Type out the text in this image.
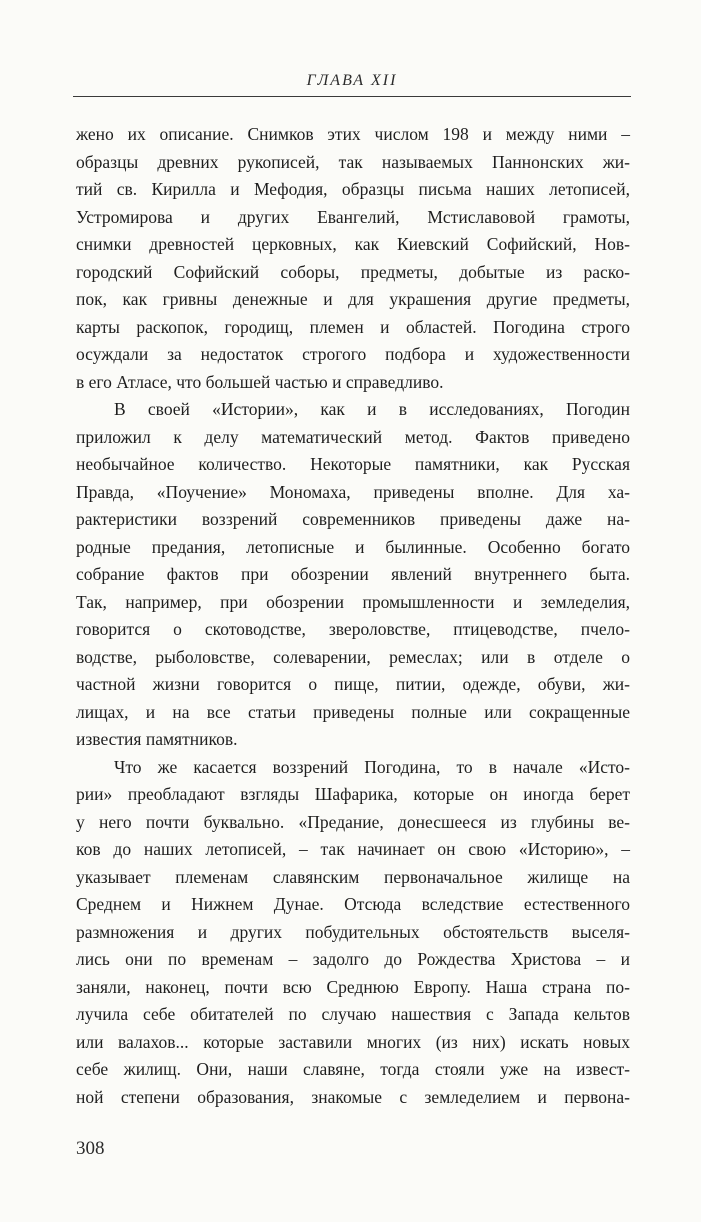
ГЛАВА XII
жено их описание. Снимков этих числом 198 и между ними –
образцы древних рукописей, так называемых Паннонских жи-
тий св. Кирилла и Мефодия, образцы письма наших летописей,
Устромирова и других Евангелий, Мстиславовой грамоты,
снимки древностей церковных, как Киевский Софийский, Нов-
городский Софийский соборы, предметы, добытые из раско-
пок, как гривны денежные и для украшения другие предметы,
карты раскопок, городищ, племен и областей. Погодина строго
осуждали за недостаток строгого подбора и художественности
в его Атласе, что большей частью и справедливо.
В своей «Истории», как и в исследованиях, Погодин
приложил к делу математический метод. Фактов приведено
необычайное количество. Некоторые памятники, как Русская
Правда, «Поучение» Мономаха, приведены вполне. Для ха-
рактеристики воззрений современников приведены даже на-
родные предания, летописные и былинные. Особенно богато
собрание фактов при обозрении явлений внутреннего быта.
Так, например, при обозрении промышленности и земледелия,
говорится о скотоводстве, звероловстве, птицеводстве, пчело-
водстве, рыболовстве, солеварении, ремеслах; или в отделе о
частной жизни говорится о пище, питии, одежде, обуви, жи-
лищах, и на все статьи приведены полные или сокращенные
известия памятников.
Что же касается воззрений Погодина, то в начале «Исто-
рии» преобладают взгляды Шафарика, которые он иногда берет
у него почти буквально. «Предание, донесшееся из глубины ве-
ков до наших летописей, – так начинает он свою «Историю», –
указывает племенам славянским первоначальное жилище на
Среднем и Нижнем Дунае. Отсюда вследствие естественного
размножения и других побудительных обстоятельств выселя-
лись они по временам – задолго до Рождества Христова – и
заняли, наконец, почти всю Среднюю Европу. Наша страна по-
лучила себе обитателей по случаю нашествия с Запада кельтов
или валахов... которые заставили многих (из них) искать новых
себе жилищ. Они, наши славяне, тогда стояли уже на извест-
ной степени образования, знакомые с земледелием и первона-
308
